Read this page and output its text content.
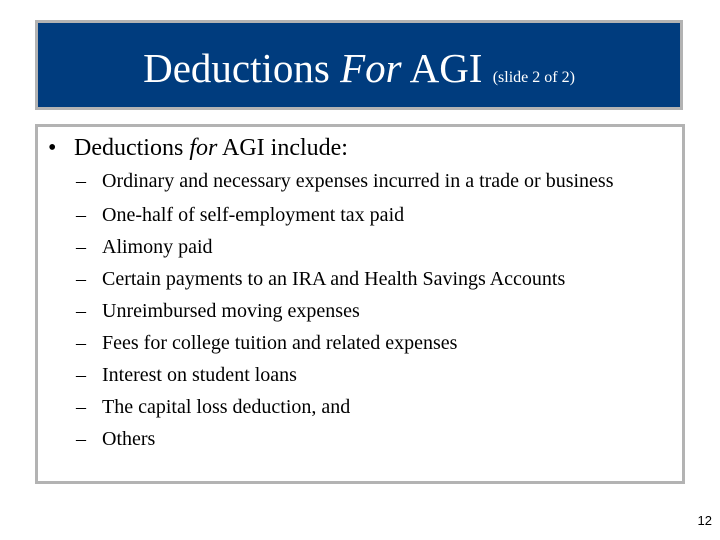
Deductions For AGI (slide 2 of 2)
• Deductions for AGI include:
– Ordinary and necessary expenses incurred in a trade or business
– One-half of self-employment tax paid
– Alimony paid
– Certain payments to an IRA and Health Savings Accounts
– Unreimbursed moving expenses
– Fees for college tuition and related expenses
– Interest on student loans
– The capital loss deduction, and
– Others
12
